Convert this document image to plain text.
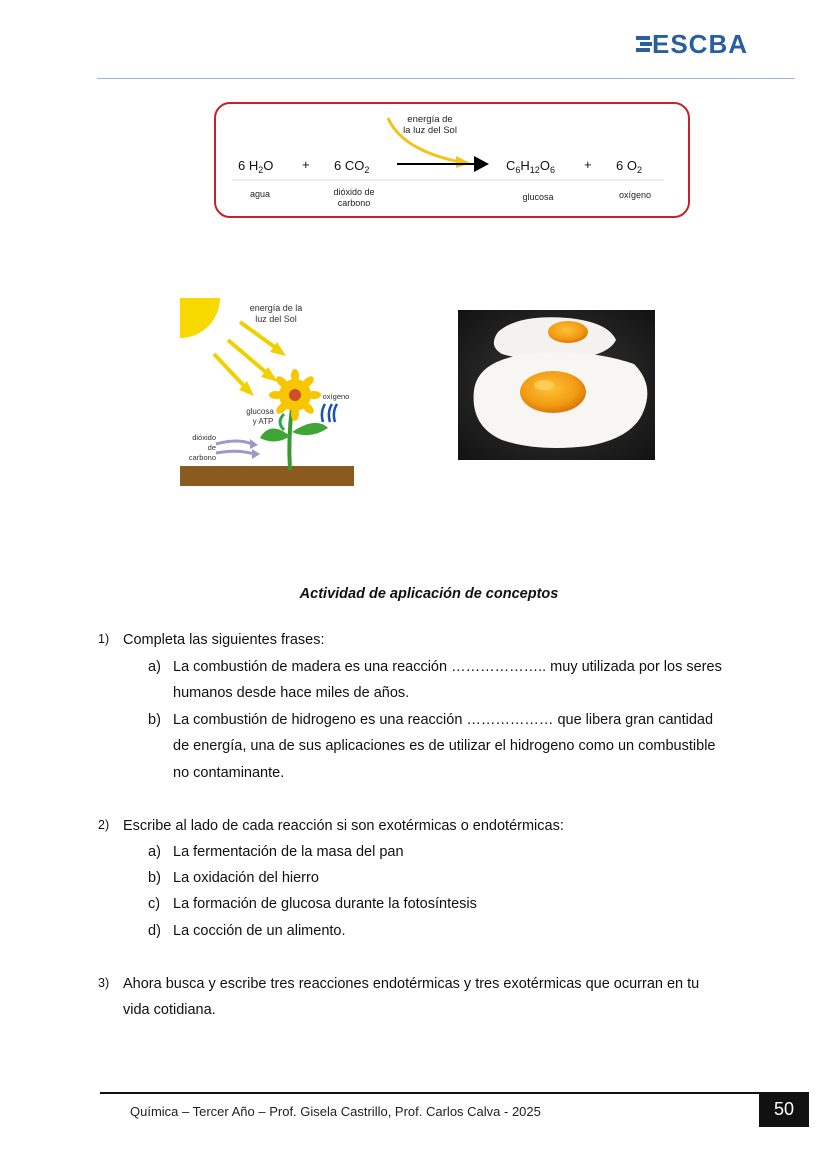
ESCBA
energía de
la luz del Sol
6 $H_2O + 6$ $CO_2$	$C_6H_{12}O_6 + 6$ $O_2$
agua	dióxido de
carbono
glucosa	oxígeno
energía de la
luz del Sol
oxígeno
glucosa
y ATP
dióxido
de
carbono
Actividad de aplicación de conceptos
1) Completa las siguientes frases:
a) La combustión de madera es una reacción ……………….. muy utilizada por los seres
humanos desde hace miles de años.
b) La combustión de hidrogeno es una reacción ……………… que libera gran cantidad
de energía, una de sus aplicaciones es de utilizar el hidrogeno como un combustible
no contaminante.
2) Escribe al lado de cada reacción si son exotérmicas o endotérmicas:
a) La fermentación de la masa del pan
b) La oxidación del hierro
c) La formación de glucosa durante la fotosíntesis
d) La cocción de un alimento.
3) Ahora busca y escribe tres reacciones endotérmicas y tres exotérmicas que ocurran en tu
vida cotidiana.
Química – Tercer Año – Prof. Gisela Castrillo, Prof. Carlos Calva - 2025	50
